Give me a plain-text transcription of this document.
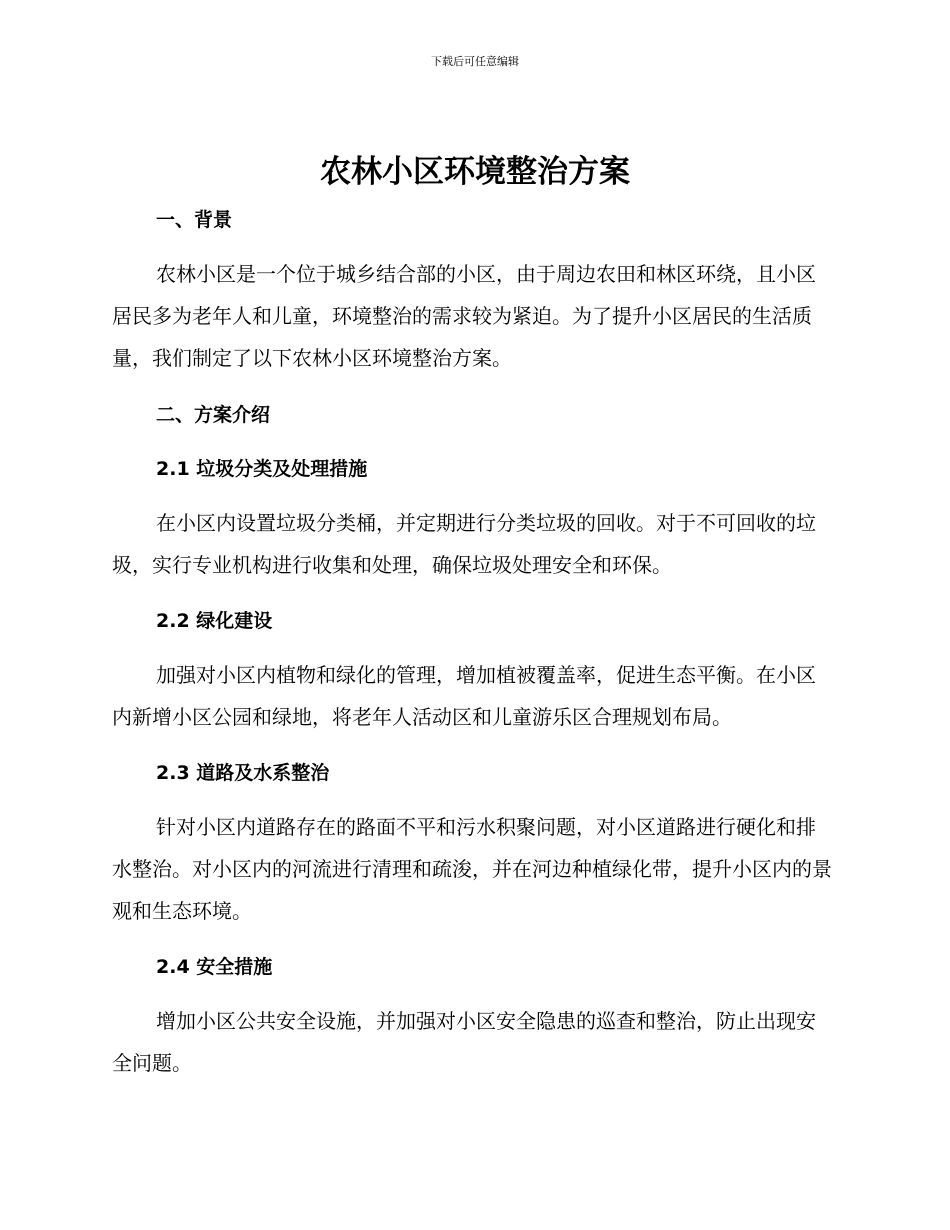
下载后可任意编辑
农林小区环境整治方案
一、背景

农林小区是一个位于城乡结合部的小区，由于周边农田和林区环绕，且小区居民多为老年人和儿童，环境整治的需求较为紧迫。为了提升小区居民的生活质量，我们制定了以下农林小区环境整治方案。

二、方案介绍
2.1 垃圾分类及处理措施

在小区内设置垃圾分类桶，并定期进行分类垃圾的回收。对于不可回收的垃圾，实行专业机构进行收集和处理，确保垃圾处理安全和环保。

2.2 绿化建设

加强对小区内植物和绿化的管理，增加植被覆盖率，促进生态平衡。在小区内新增小区公园和绿地，将老年人活动区和儿童游乐区合理规划布局。

2.3 道路及水系整治

针对小区内道路存在的路面不平和污水积聚问题，对小区道路进行硬化和排水整治。对小区内的河流进行清理和疏浚，并在河边种植绿化带，提升小区内的景观和生态环境。

2.4 安全措施

增加小区公共安全设施，并加强对小区安全隐患的巡查和整治，防止出现安全问题。
